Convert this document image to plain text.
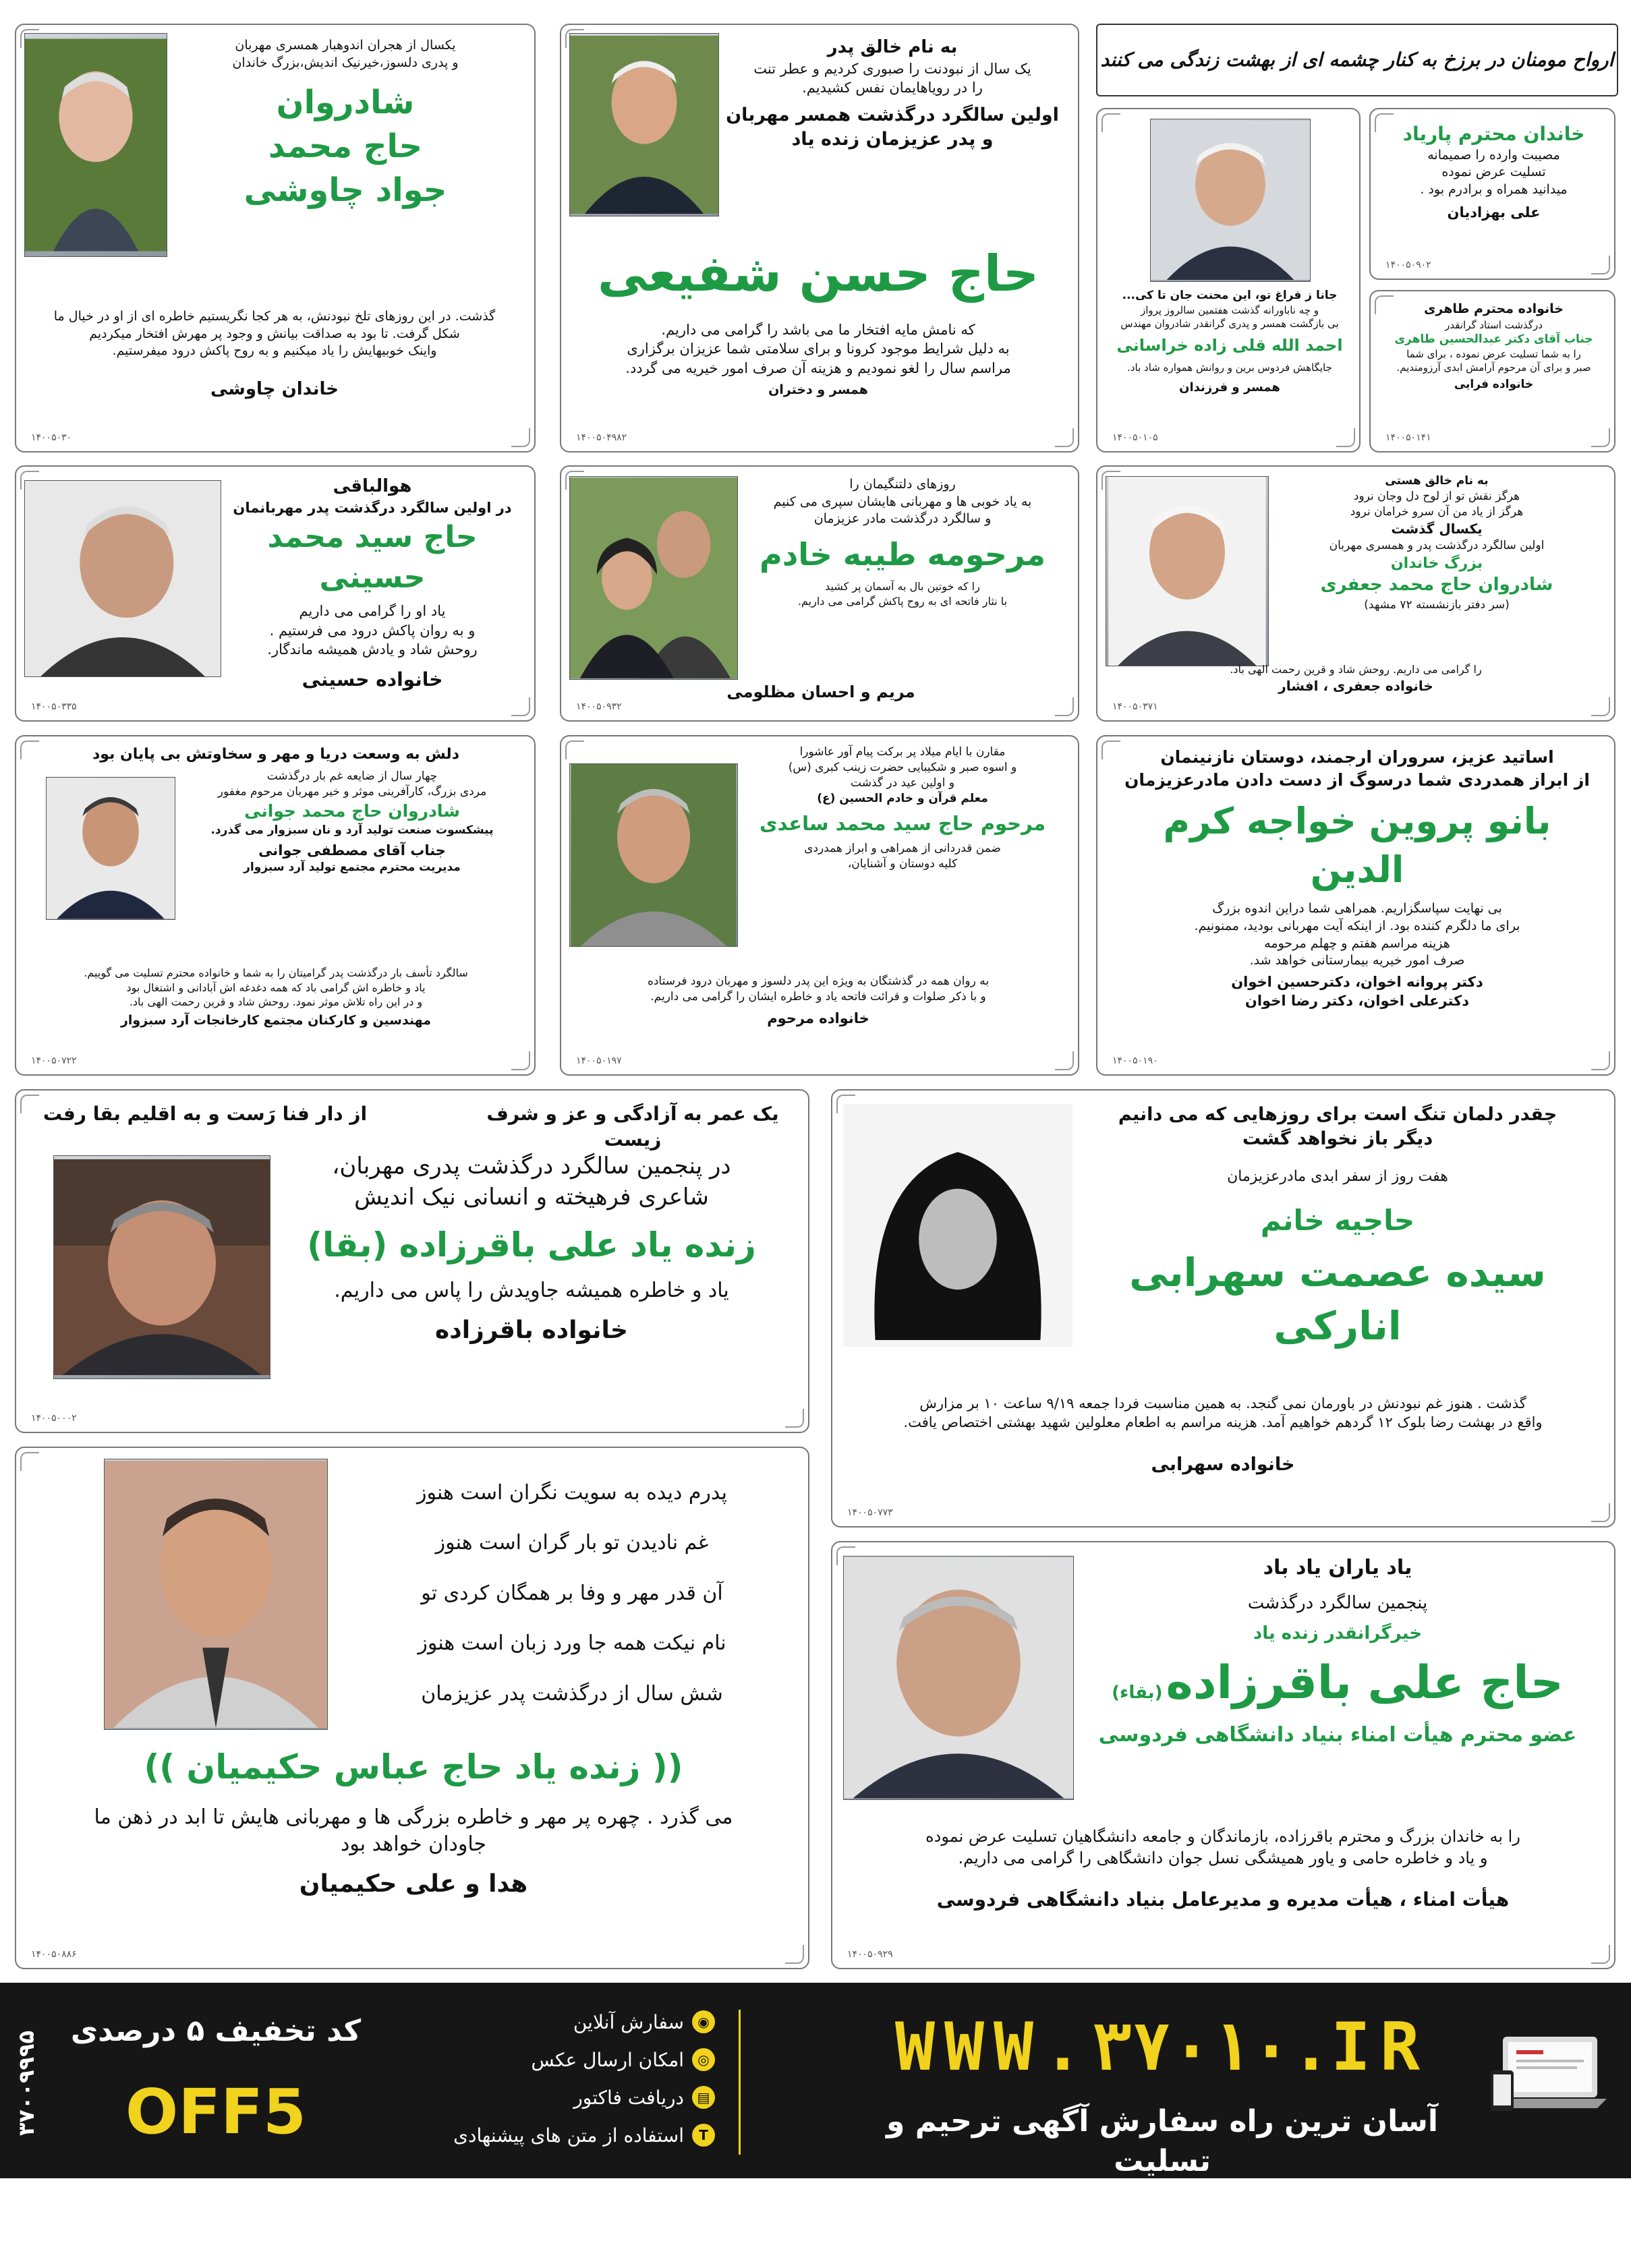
ارواح مومنان در برزخ به کنار چشمه ای از بهشت زندگی می کنند

یکسال از هجران اندوهبار همسری مهربان

و پدری دلسوز،خیرنیک اندیش،بزرگ خاندان

شادروان

حاج محمد

جواد چاوشی

گذشت. در این روزهای تلخ نبودنش، به هر کجا نگریستیم خاطره ای از او در خیال ما

شکل گرفت. تا بود به صداقت بیانش و وجود پر مهرش افتخار میکردیم

واینک خوبیهایش را یاد میکنیم و به روح پاکش درود میفرستیم.

خاندان چاوشی

۱۴۰۰۵۰۳۰

به نام خالق پدر

یک سال از نبودنت را صبوری کردیم و عطر تنت

را در رویاهایمان نفس کشیدیم.

اولین سالگرد درگذشت همسر مهربان

و پدر عزیزمان زنده یاد

حاج حسن شفیعی

که نامش مایه افتخار ما می باشد را گرامی می داریم.

به دلیل شرایط موجود کرونا و برای سلامتی شما عزیزان برگزاری

مراسم سال را لغو نمودیم و هزینه آن صرف امور خیریه می گردد.

همسر و دختران

۱۴۰۰۵۰۴۹۸۲

جانا ز فراغ تو، این محنت جان تا کی...

و چه ناباورانه گذشت هفتمین سالروز پرواز

بی بازگشت همسر و پدری گرانقدر شادروان مهندس

احمد الله قلی زاده خراسانی

جایگاهش فردوس برین و روانش همواره شاد باد.

همسر و فرزندان

۱۴۰۰۵۰۱۰۵

خاندان محترم پاریاد

مصیبت وارده را صمیمانه

تسلیت عرض نموده

میدانید همراه و برادرم بود .

علی بهزادیان

۱۴۰۰۵۰۹۰۲

خانواده محترم طاهری

درگذشت استاد گرانقدر

جناب آقای دکتر عبدالحسین طاهری

را به شما تسلیت عرض نموده ، برای شما

صبر و برای آن مرحوم آرامش ابدی آرزومندیم.

خانواده فرایی

۱۴۰۰۵۰۱۴۱

هوالباقی

در اولین سالگرد درگذشت پدر مهربانمان

حاج سید محمد حسینی

یاد او را گرامی می داریم

و به روان پاکش درود می فرستیم .

روحش شاد و یادش همیشه ماندگار.

خانواده حسینی

۱۴۰۰۵۰۳۳۵

روزهای دلتنگیمان را

به یاد خوبی ها و مهربانی هایشان سپری می کنیم

و سالگرد درگذشت مادر عزیزمان

مرحومه طیبه خادم

را که خوتین بال به آسمان پر کشید

با نثار فاتحه ای به روح پاکش گرامی می داریم.

مریم و احسان مظلومی

۱۴۰۰۵۰۹۳۲

به نام خالق هستی

هرگز نقش تو از لوح دل وجان نرود

هرگز از یاد من آن سرو خرامان نرود

یکسال گذشت

اولین سالگرد درگذشت پدر و همسری مهربان

بزرگ خاندان

شادروان حاج محمد جعفری

(سر دفتر بازنشسته ۷۲ مشهد)

را گرامی می داریم. روحش شاد و قرین رحمت الهی باد.

خانواده جعفری ، افشار

۱۴۰۰۵۰۳۷۱

دلش به وسعت دریا و مهر و سخاوتش بی پایان بود

چهار سال از ضایعه غم بار درگذشت

مردی بزرگ، کارآفرینی موثر و خیر مهربان مرحوم مغفور

شادروان حاج محمد جوانی

پیشکسوت صنعت تولید آرد و نان سبزوار می گذرد.

جناب آقای مصطفی جوانی

مدیریت محترم مجتمع تولید آرد سبزوار

سالگرد تأسف بار درگذشت پدر گرامیتان را به شما و خانواده محترم تسلیت می گوییم.

یاد و خاطره اش گرامی باد که همه دغدغه اش آبادانی و اشتغال بود

و در این راه تلاش موثر نمود. روحش شاد و قرین رحمت الهی باد.

مهندسین و کارکنان مجتمع کارخانجات آرد سبزوار

۱۴۰۰۵۰۷۲۲

مقارن با ایام میلاد پر برکت پیام آور عاشورا

و اسوه صبر و شکیبایی حضرت زینب کبری (س)

و اولین عید در گذشت

معلم قرآن و خادم الحسین (ع)

مرحوم حاج سید محمد ساعدی

ضمن قدردانی از همراهی و ابراز همدردی

کلیه دوستان و آشنایان،

به روان همه در گذشتگان به ویژه این پدر دلسوز و مهربان درود فرستاده

و با ذکر صلوات و قرائت فاتحه یاد و خاطره ایشان را گرامی می داریم.

خانواده مرحوم

۱۴۰۰۵۰۱۹۷

اساتید عزیز، سروران ارجمند، دوستان نازنینمان

از ابراز همدردی شما درسوگ از دست دادن مادرعزیزمان

بانو پروین خواجه کرم الدین

بی نهایت سپاسگزاریم. همراهی شما دراین اندوه بزرگ

برای ما دلگرم کننده بود. از اینکه آیت مهربانی بودید، ممنونیم.

هزینه مراسم هفتم و چهلم مرحومه

صرف امور خیریه بیمارستانی خواهد شد.

دکتر پروانه اخوان، دکترحسین اخوان

دکترعلی اخوان، دکتر رضا اخوان

۱۴۰۰۵۰۱۹۰

یک عمر به آزادگی و عز و شرف زیست

از دار فنا رَست و به اقلیم بقا رفت

در پنجمین سالگرد درگذشت پدری مهربان،

شاعری فرهیخته و انسانی نیک اندیش

زنده یاد علی باقرزاده (بقا)

یاد و خاطره همیشه جاویدش را پاس می داریم.

خانواده باقرزاده

۱۴۰۰۵۰۰۰۲

چقدر دلمان تنگ است برای روزهایی که می دانیم

دیگر باز نخواهد گشت

هفت روز از سفر ابدی مادرعزیزمان

حاجیه خانم

سیده عصمت سهرابی انارکی

گذشت . هنوز غم نبودنش در باورمان نمی گنجد. به همین مناسبت فردا جمعه ۹/۱۹ ساعت ۱۰ بر مزارش

واقع در بهشت رضا بلوک ۱۲ گردهم خواهیم آمد. هزینه مراسم به اطعام معلولین شهید بهشتی اختصاص یافت.

خانواده سهرابی

۱۴۰۰۵۰۷۷۳

پدرم دیده به سویت نگران است هنوز

غم نادیدن تو بار گران است هنوز

آن قدر مهر و وفا بر همگان کردی تو

نام نیکت همه جا ورد زبان است هنوز

شش سال از درگذشت پدر عزیزمان

(( زنده یاد حاج عباس حکیمیان ))

می گذرد . چهره پر مهر و خاطره بزرگی ها و مهربانی هایش تا ابد در ذهن ما

جاودان خواهد بود

هدا و علی حکیمیان

۱۴۰۰۵۰۸۸۶

یاد یاران یاد باد

پنجمین سالگرد درگذشت

خیرگرانقدر زنده یاد

حاج علی باقرزاده (بقاء)

عضو محترم هیأت امناء بنیاد دانشگاهی فردوسی

را به خاندان بزرگ و محترم باقرزاده، بازماندگان و جامعه دانشگاهیان تسلیت عرض نموده

و یاد و خاطره حامی و یاور همیشگی نسل جوان دانشگاهی را گرامی می داریم.

هیأت امناء ، هیأت مدیره و مدیرعامل بنیاد دانشگاهی فردوسی

۱۴۰۰۵۰۹۲۹
WWW.۳۷۰۱۰.IR
آسان ترین راه سفارش آگهی ترحیم و تسلیت
◉
سفارش آنلاین
◎
امکان ارسال عکس
▤
دریافت فاکتور
T
استفاده از متن های پیشنهادی
کد تخفیف ۵ درصدی
OFF5
۳۷۰۰۹۹۹۵
